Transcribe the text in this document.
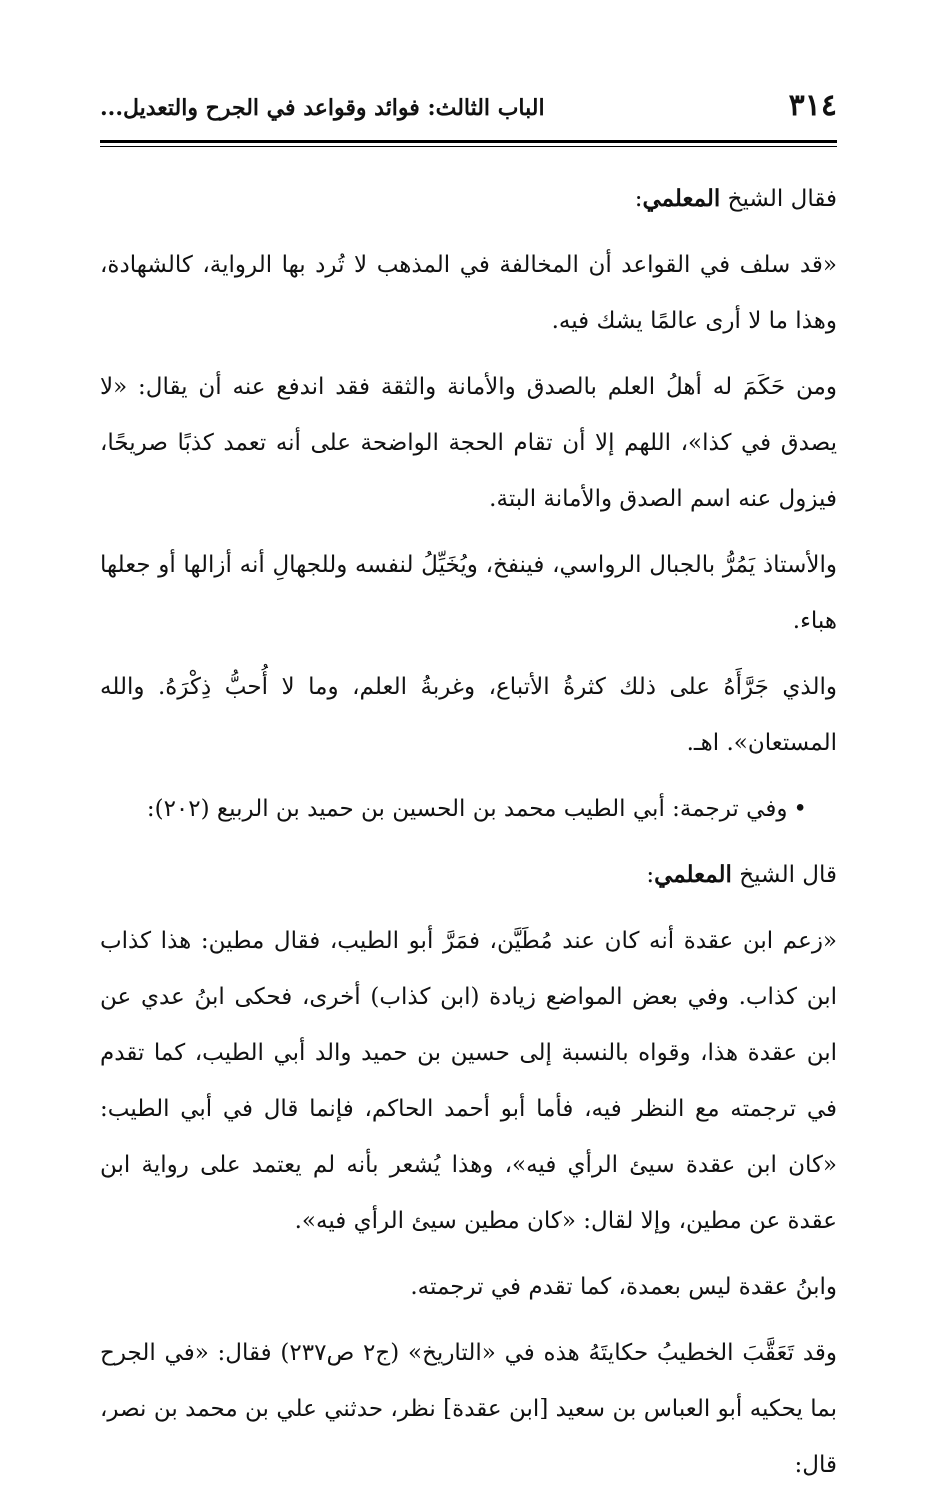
٣١٤
الباب الثالث: فوائد وقواعد في الجرح والتعديل...

فقال الشيخ المعلمي:

«قد سلف في القواعد أن المخالفة في المذهب لا تُرد بها الرواية، كالشهادة، وهذا ما لا أرى عالمًا يشك فيه.

ومن حَكَمَ له أهلُ العلم بالصدق والأمانة والثقة فقد اندفع عنه أن يقال: «لا يصدق في كذا»، اللهم إلا أن تقام الحجة الواضحة على أنه تعمد كذبًا صريحًا، فيزول عنه اسم الصدق والأمانة البتة.

والأستاذ يَمُرُّ بالجبال الرواسي، فينفخ، ويُخَيِّلُ لنفسه وللجهالِ أنه أزالها أو جعلها هباء.

والذي جَرَّأَهُ على ذلك كثرةُ الأتباع، وغربةُ العلم، وما لا أُحبُّ ذِكْرَهُ. والله المستعان». اهـ.

•وفي ترجمة: أبي الطيب محمد بن الحسين بن حميد بن الربيع (٢٠٢):

قال الشيخ المعلمي:

«زعم ابن عقدة أنه كان عند مُطَيَّن، فمَرَّ أبو الطيب، فقال مطين: هذا كذاب ابن كذاب. وفي بعض المواضع زيادة (ابن كذاب) أخرى، فحكى ابنُ عدي عن ابن عقدة هذا، وقواه بالنسبة إلى حسين بن حميد والد أبي الطيب، كما تقدم في ترجمته مع النظر فيه، فأما أبو أحمد الحاكم، فإنما قال في أبي الطيب: «كان ابن عقدة سيئ الرأي فيه»، وهذا يُشعر بأنه لم يعتمد على رواية ابن عقدة عن مطين، وإلا لقال: «كان مطين سيئ الرأي فيه».

وابنُ عقدة ليس بعمدة، كما تقدم في ترجمته.

وقد تَعَقَّبَ الخطيبُ حكايتَهُ هذه في «التاريخ» (ج٢ ص٢٣٧) فقال: «في الجرح بما يحكيه أبو العباس بن سعيد [ابن عقدة] نظر، حدثني علي بن محمد بن نصر، قال:
